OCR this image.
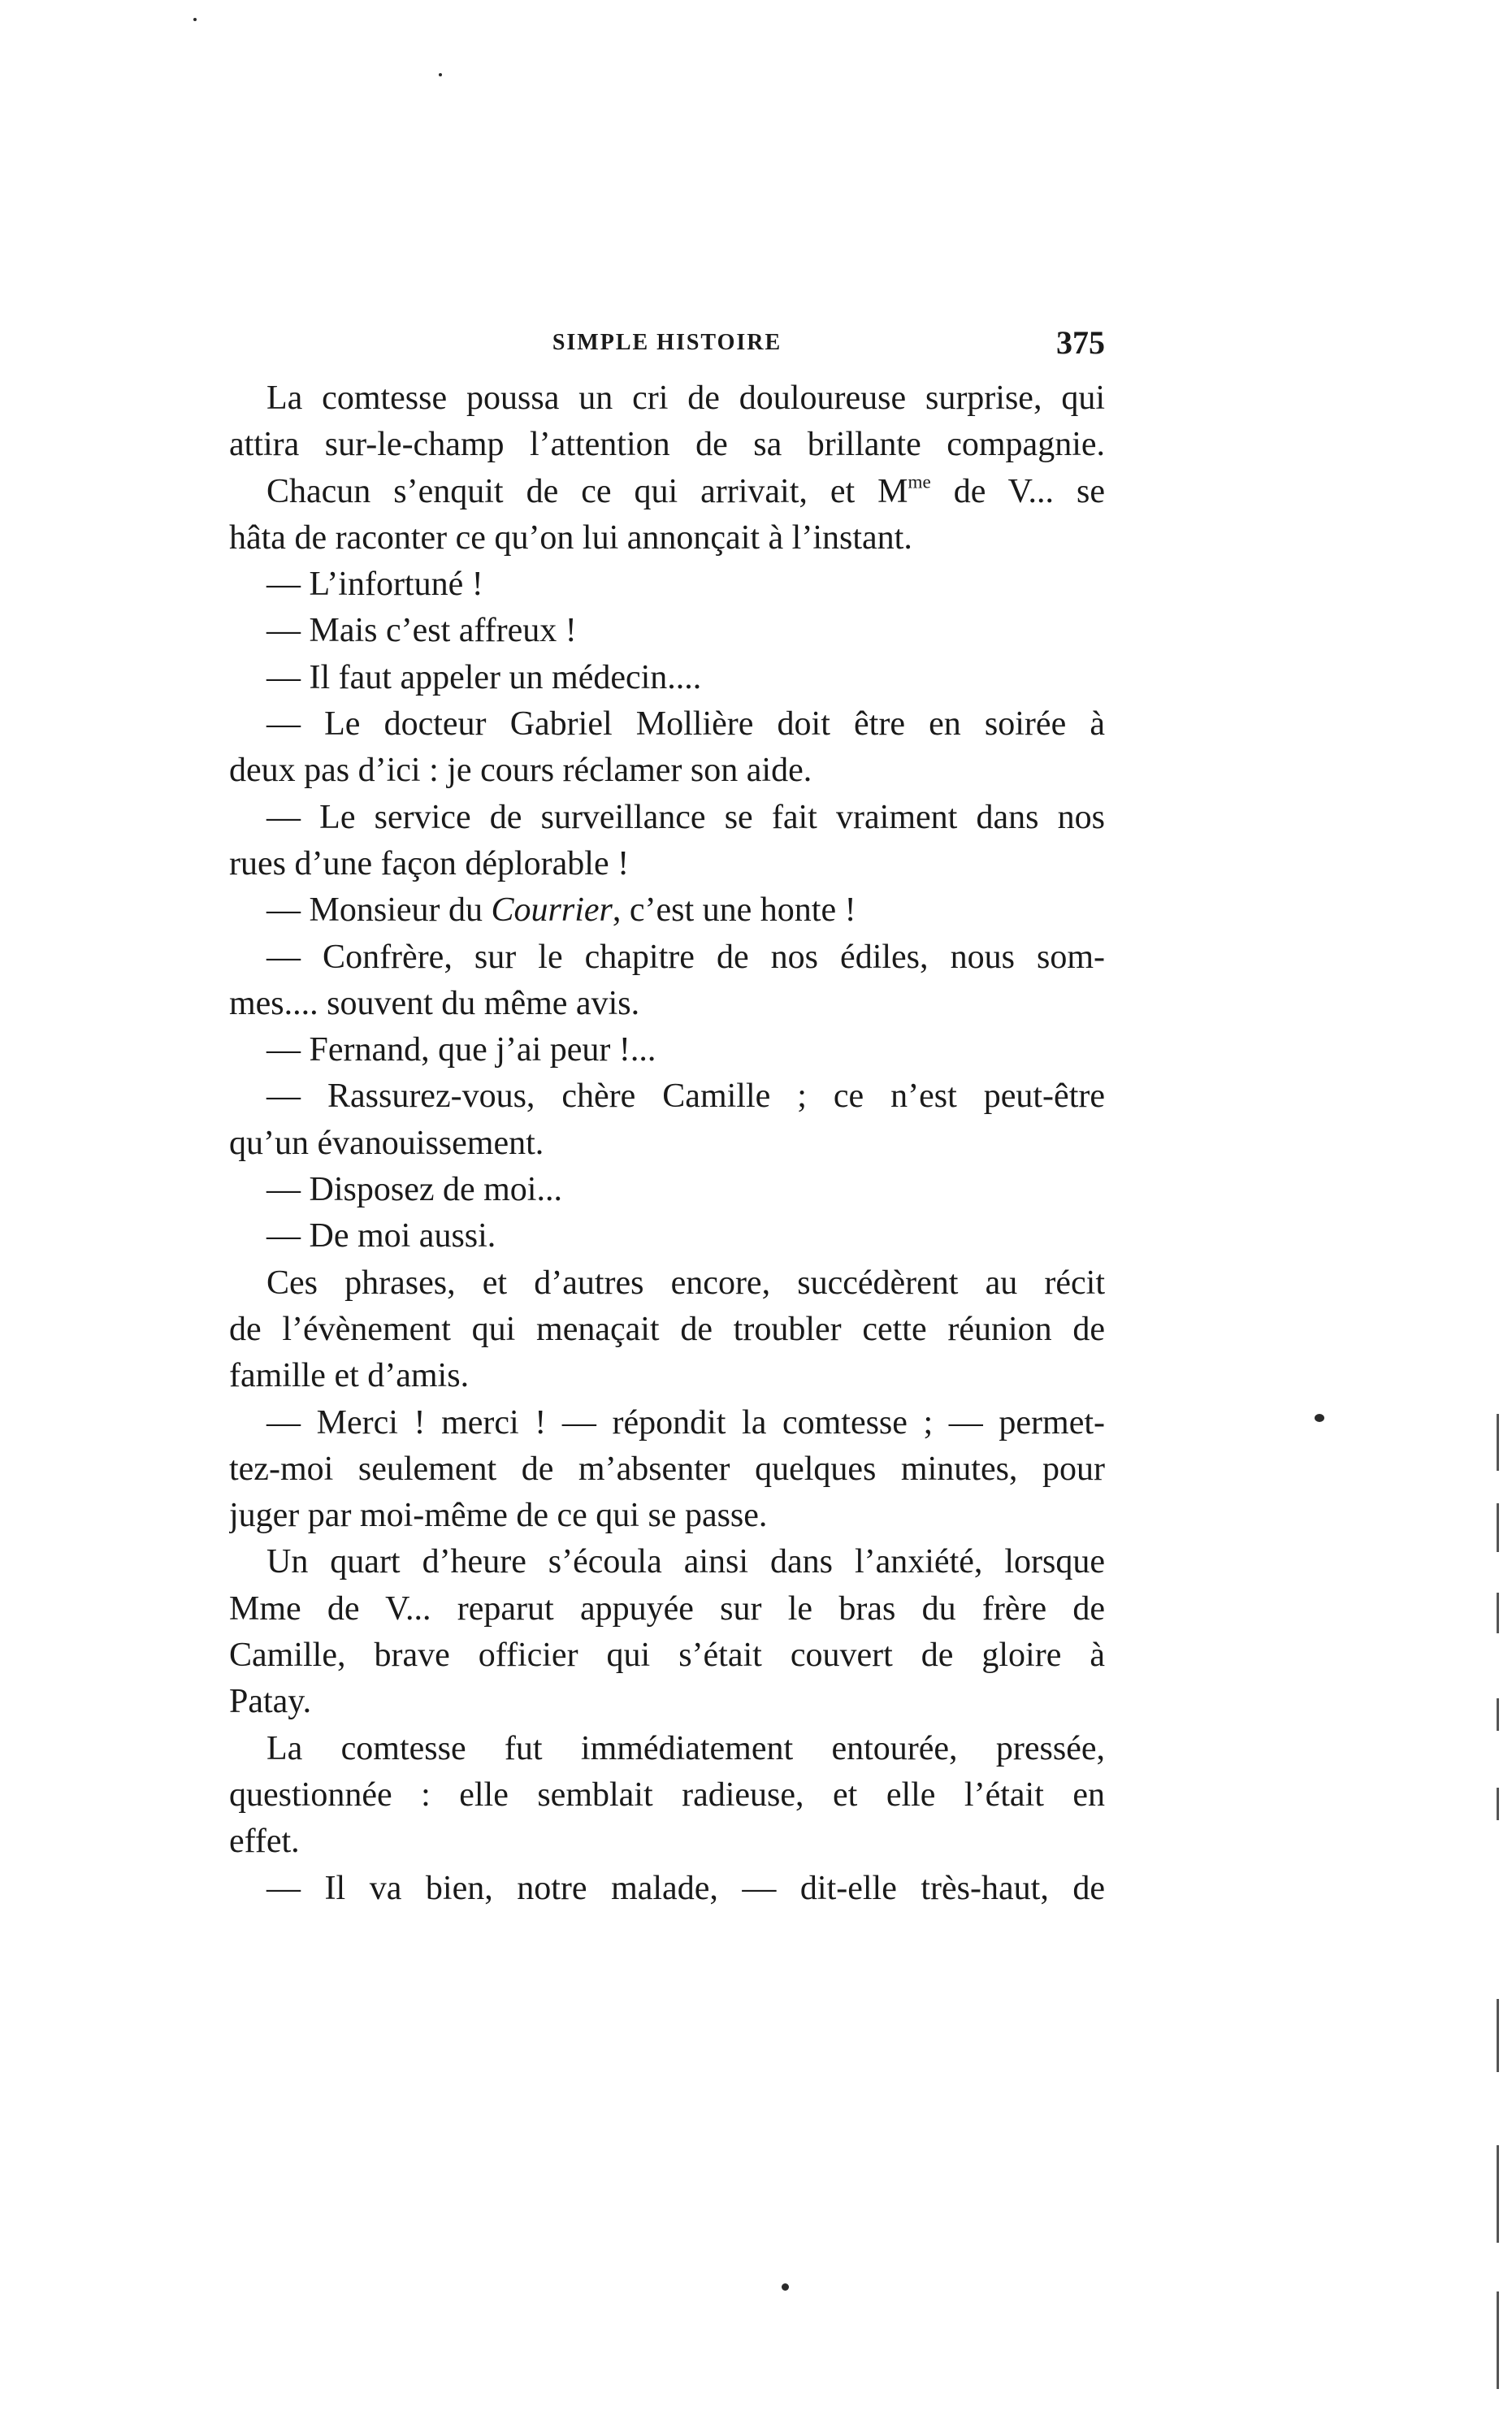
SIMPLE HISTOIRE	375
La comtesse poussa un cri de douloureuse surprise, qui
attira sur-le-champ l’attention de sa brillante compagnie.
Chacun s’enquit de ce qui arrivait, et $M^{me}$ de V... se
hâta de raconter ce qu’on lui annonçait à l’instant.
— L’infortuné !
— Mais c’est affreux !
— Il faut appeler un médecin....
— Le docteur Gabriel Mollière doit être en soirée à
deux pas d’ici : je cours réclamer son aide.
— Le service de surveillance se fait vraiment dans nos
rues d’une façon déplorable !
— Monsieur du Courrier, c’est une honte !
— Confrère, sur le chapitre de nos édiles, nous som-
mes.... souvent du même avis.
— Fernand, que j’ai peur !...
— Rassurez-vous, chère Camille ; ce n’est peut-être
qu’un évanouissement.
— Disposez de moi...
— De moi aussi.
Ces phrases, et d’autres encore, succédèrent au récit
de l’évènement qui menaçait de troubler cette réunion de
famille et d’amis.
— Merci ! merci ! — répondit la comtesse ; — permet-
tez-moi seulement de m’absenter quelques minutes, pour
juger par moi-même de ce qui se passe.
Un quart d’heure s’écoula ainsi dans l’anxiété, lorsque
Mme de V... reparut appuyée sur le bras du frère de
Camille, brave officier qui s’était couvert de gloire à
Patay.
La comtesse fut immédiatement entourée, pressée,
questionnée : elle semblait radieuse, et elle l’était en
effet.
— Il va bien, notre malade, — dit-elle très-haut, de
